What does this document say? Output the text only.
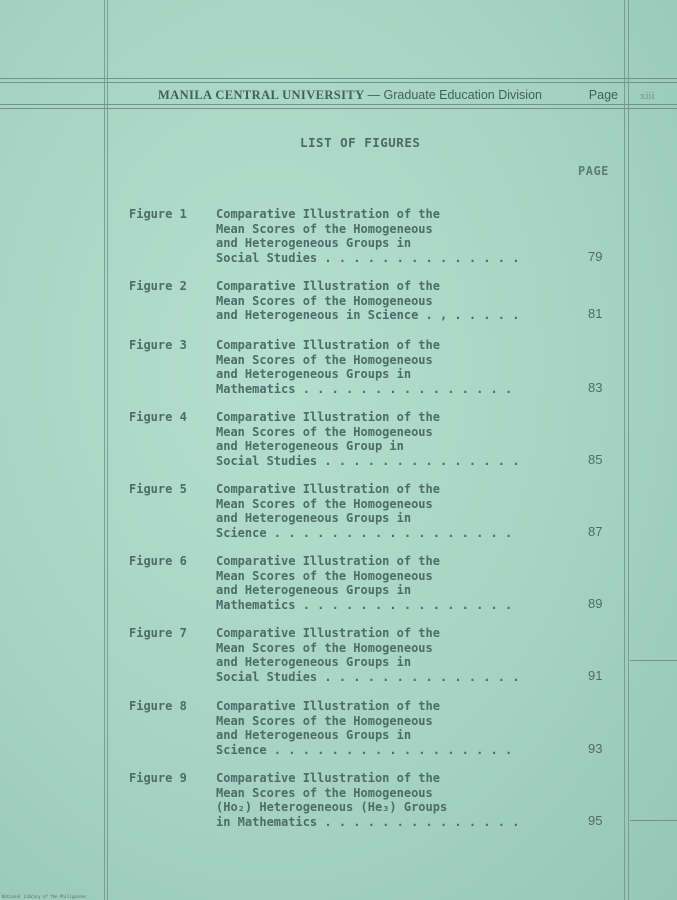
MANILA CENTRAL UNIVERSITY — Graduate Education Division	Page xiii
LIST OF FIGURES
PAGE
Figure 1 Comparative Illustration of the
Mean Scores of the Homogeneous
and Heterogeneous Groups in
Social Studies . . . . . . . . . . . . . .	79
Figure 2 Comparative Illustration of the
Mean Scores of the Homogeneous
and Heterogeneous in Science . , . . . . .	81
Figure 3 Comparative Illustration of the
Mean Scores of the Homogeneous
and Heterogeneous Groups in
Mathematics . . . . . . . . . . . . . . .	83
Figure 4 Comparative Illustration of the
Mean Scores of the Homogeneous
and Heterogeneous Group in
Social Studies . . . . . . . . . . . . . .	85
Figure 5 Comparative Illustration of the
Mean Scores of the Homogeneous
and Heterogeneous Groups in
Science . . . . . . . . . . . . . . . . .	87
Figure 6 Comparative Illustration of the
Mean Scores of the Homogeneous
and Heterogeneous Groups in
Mathematics . . . . . . . . . . . . . . .	89
Figure 7 Comparative Illustration of the
Mean Scores of the Homogeneous
and Heterogeneous Groups in
Social Studies . . . . . . . . . . . . . .	91
Figure 8 Comparative Illustration of the
Mean Scores of the Homogeneous
and Heterogeneous Groups in
Science . . . . . . . . . . . . . . . . .	93
Figure 9 Comparative Illustration of the
Mean Scores of the Homogeneous
(Ho₂) Heterogeneous (He₃) Groups
in Mathematics . . . . . . . . . . . . . .	95
National Library of the Philippines
